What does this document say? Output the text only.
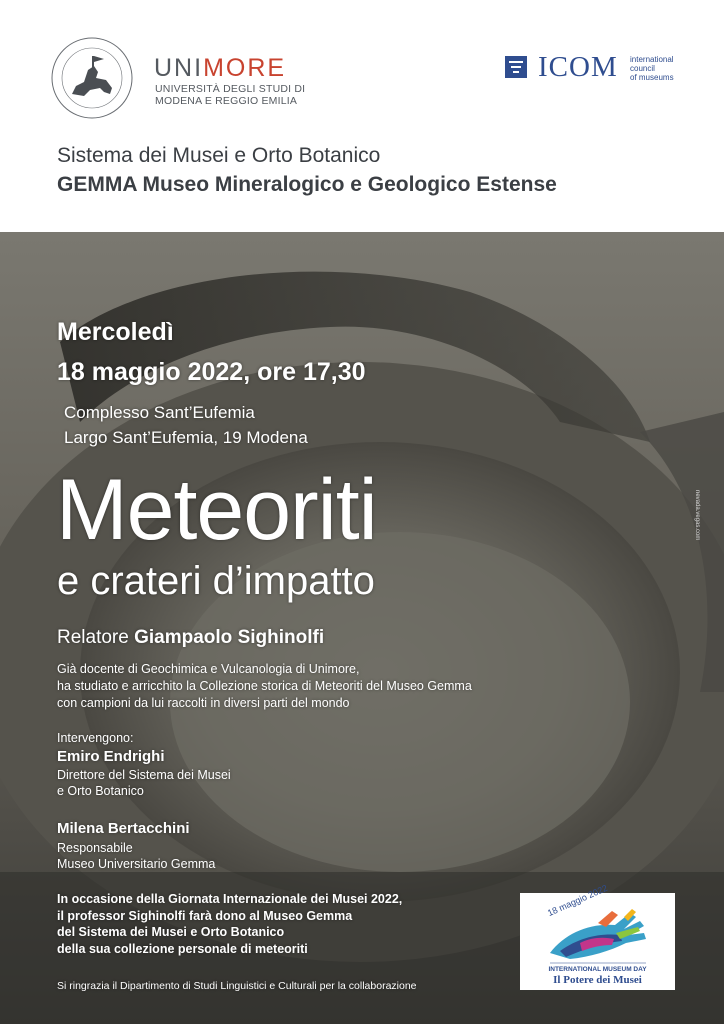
UNIMORE
UNIVERSITÀ DEGLI STUDI DI
MODENA E REGGIO EMILIA
ICOM international
council
of museums
Sistema dei Musei e Orto Botanico
GEMMA Museo Mineralogico e Geologico Estense
nevada.vegas.com
Mercoledì
18 maggio 2022, ore 17,30
Complesso Sant’Eufemia
Largo Sant’Eufemia, 19 Modena
Meteoriti
e crateri d’impatto
Relatore Giampaolo Sighinolfi
Già docente di Geochimica e Vulcanologia di Unimore,
ha studiato e arricchito la Collezione storica di Meteoriti del Museo Gemma
con campioni da lui raccolti in diversi parti del mondo
Intervengono:
Emiro Endrighi
Direttore del Sistema dei Musei
e Orto Botanico
Milena Bertacchini
Responsabile
Museo Universitario Gemma
In occasione della Giornata Internazionale dei Musei 2022,
il professor Sighinolfi farà dono al Museo Gemma
del Sistema dei Musei e Orto Botanico
della sua collezione personale di meteoriti
Si ringrazia il Dipartimento di Studi Linguistici e Culturali per la collaborazione
18 maggio 2022
INTERNATIONAL MUSEUM DAY
Il Potere dei Musei
